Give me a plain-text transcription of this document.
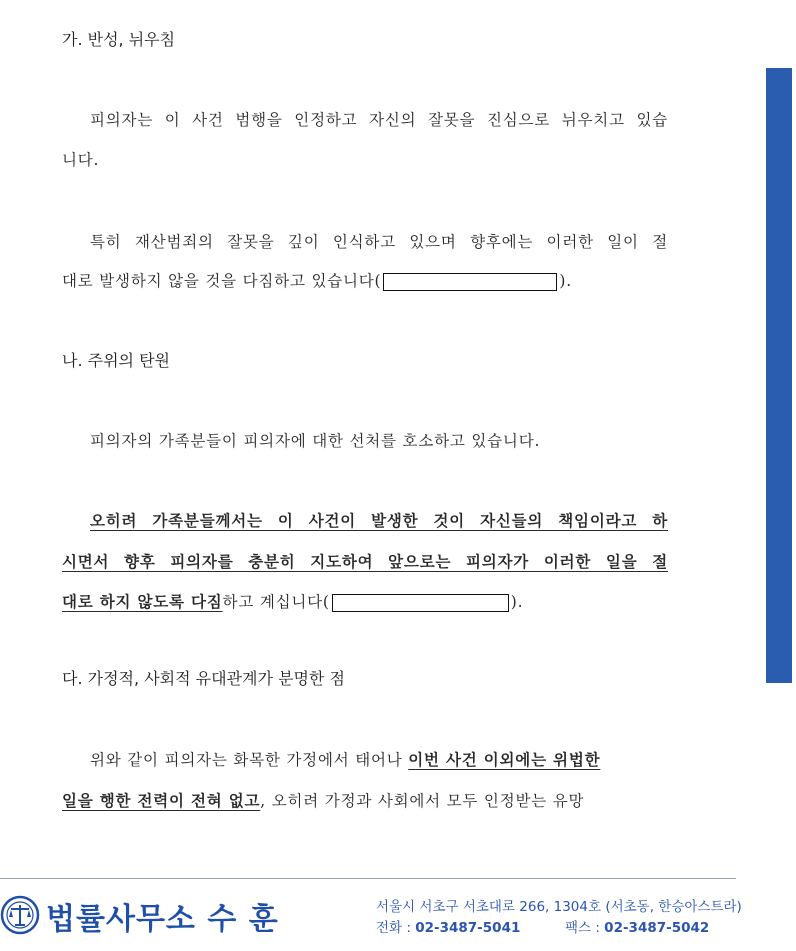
가. 반성, 뉘우침
피의자는 이 사건 범행을 인정하고 자신의 잘못을 진심으로 뉘우치고 있습
니다.
특히 재산범죄의 잘못을 깊이 인식하고 있으며 향후에는 이러한 일이 절
대로 발생하지 않을 것을 다짐하고 있습니다(	).
나. 주위의 탄원
피의자의 가족분들이 피의자에 대한 선처를 호소하고 있습니다.
오히려 가족분들께서는 이 사건이 발생한 것이 자신들의 책임이라고 하
시면서 향후 피의자를 충분히 지도하여 앞으로는 피의자가 이러한 일을 절
대로 하지 않도록 다짐하고 계십니다(	).
다. 가정적, 사회적 유대관계가 분명한 점
위와 같이 피의자는 화목한 가정에서 태어나 이번 사건 이외에는 위법한
일을 행한 전력이 전혀 없고, 오히려 가정과 사회에서 모두 인정받는 유망
법률사무소 수 훈	서울시 서초구 서초대로 266, 1304호 (서초동, 한승아스트라)
전화 : 02-3487-5041	팩스 : 02-3487-5042
